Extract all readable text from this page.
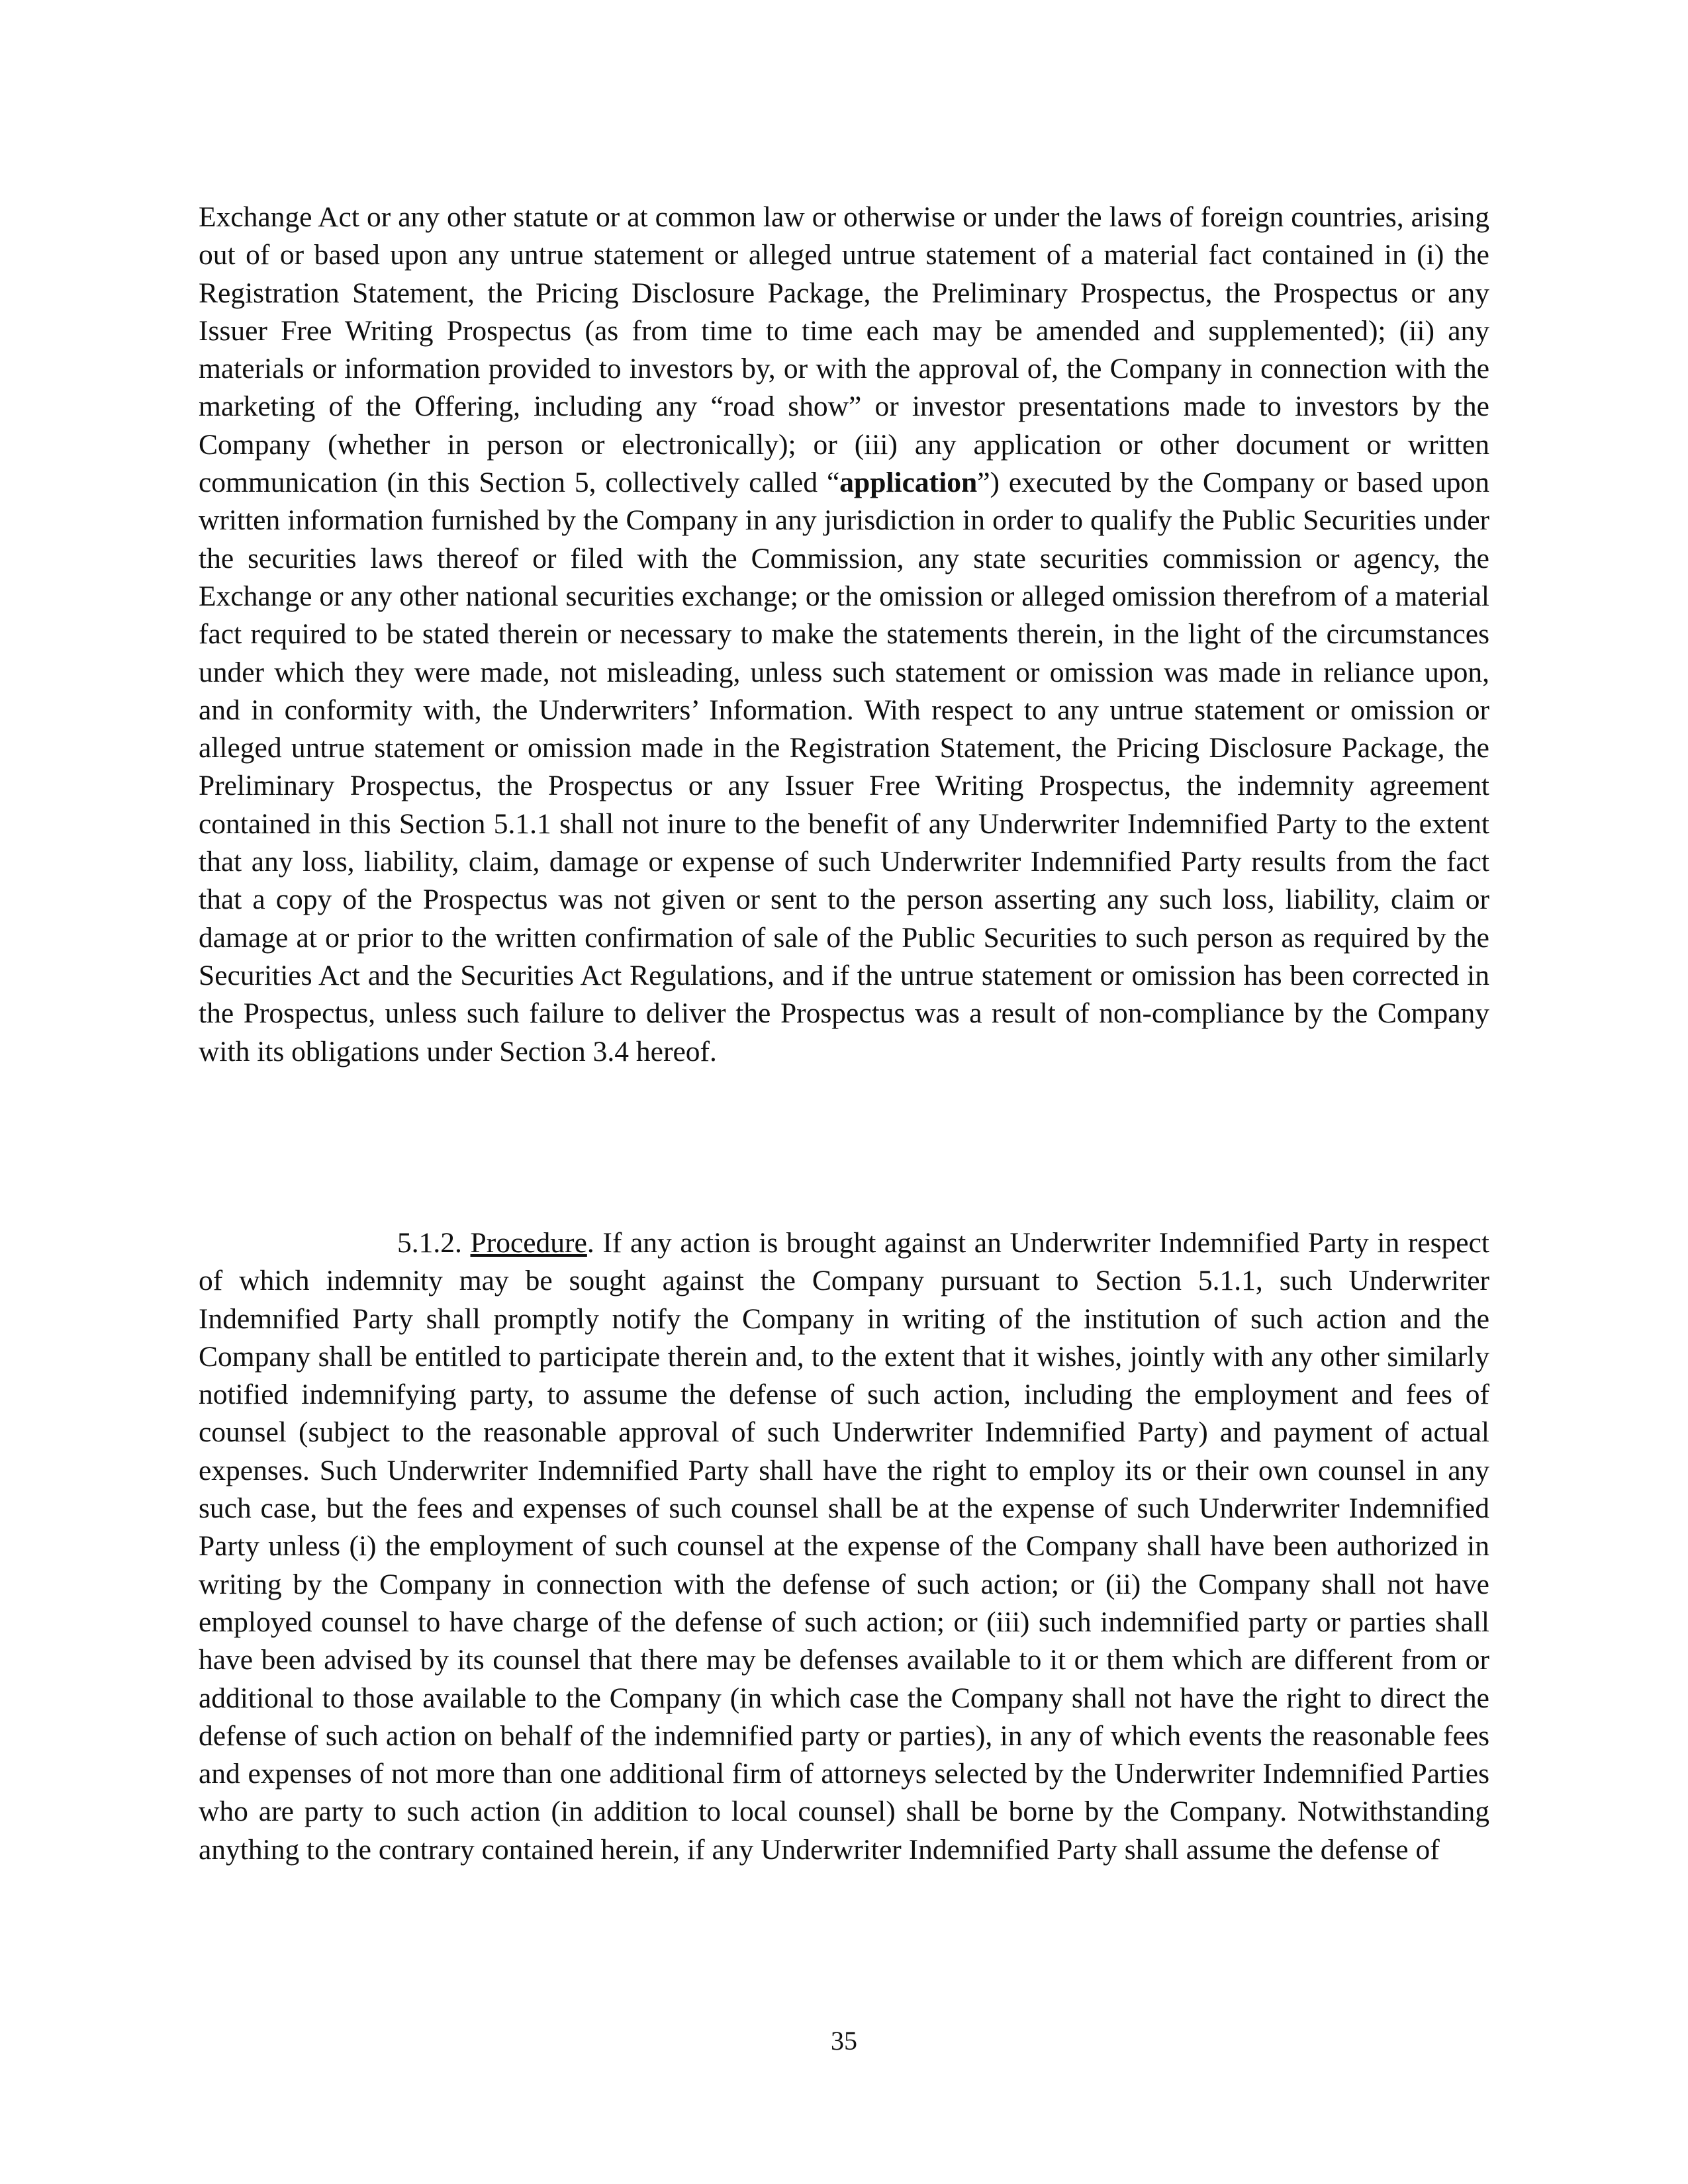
Exchange Act or any other statute or at common law or otherwise or under the laws of foreign countries, arising out of or based upon any untrue statement or alleged untrue statement of a material fact contained in (i) the Registration Statement, the Pricing Disclosure Package, the Preliminary Prospectus, the Prospectus or any Issuer Free Writing Prospectus (as from time to time each may be amended and supplemented); (ii) any materials or information provided to investors by, or with the approval of, the Company in connection with the marketing of the Offering, including any “road show” or investor presentations made to investors by the Company (whether in person or electronically); or (iii) any application or other document or written communication (in this Section 5, collectively called “application”) executed by the Company or based upon written information furnished by the Company in any jurisdiction in order to qualify the Public Securities under the securities laws thereof or filed with the Commission, any state securities commission or agency, the Exchange or any other national securities exchange; or the omission or alleged omission therefrom of a material fact required to be stated therein or necessary to make the statements therein, in the light of the circumstances under which they were made, not misleading, unless such statement or omission was made in reliance upon, and in conformity with, the Underwriters’ Information. With respect to any untrue statement or omission or alleged untrue statement or omission made in the Registration Statement, the Pricing Disclosure Package, the Preliminary Prospectus, the Prospectus or any Issuer Free Writing Prospectus, the indemnity agreement contained in this Section 5.1.1 shall not inure to the benefit of any Underwriter Indemnified Party to the extent that any loss, liability, claim, damage or expense of such Underwriter Indemnified Party results from the fact that a copy of the Prospectus was not given or sent to the person asserting any such loss, liability, claim or damage at or prior to the written confirmation of sale of the Public Securities to such person as required by the Securities Act and the Securities Act Regulations, and if the untrue statement or omission has been corrected in the Prospectus, unless such failure to deliver the Prospectus was a result of non-compliance by the Company with its obligations under Section 3.4 hereof.

5.1.2. Procedure. If any action is brought against an Underwriter Indemnified Party in respect of which indemnity may be sought against the Company pursuant to Section 5.1.1, such Underwriter Indemnified Party shall promptly notify the Company in writing of the institution of such action and the Company shall be entitled to participate therein and, to the extent that it wishes, jointly with any other similarly notified indemnifying party, to assume the defense of such action, including the employment and fees of counsel (subject to the reasonable approval of such Underwriter Indemnified Party) and payment of actual expenses. Such Underwriter Indemnified Party shall have the right to employ its or their own counsel in any such case, but the fees and expenses of such counsel shall be at the expense of such Underwriter Indemnified Party unless (i) the employment of such counsel at the expense of the Company shall have been authorized in writing by the Company in connection with the defense of such action; or (ii) the Company shall not have employed counsel to have charge of the defense of such action; or (iii) such indemnified party or parties shall have been advised by its counsel that there may be defenses available to it or them which are different from or additional to those available to the Company (in which case the Company shall not have the right to direct the defense of such action on behalf of the indemnified party or parties), in any of which events the reasonable fees and expenses of not more than one additional firm of attorneys selected by the Underwriter Indemnified Parties who are party to such action (in addition to local counsel) shall be borne by the Company. Notwithstanding anything to the contrary contained herein, if any Underwriter Indemnified Party shall assume the defense of

35
